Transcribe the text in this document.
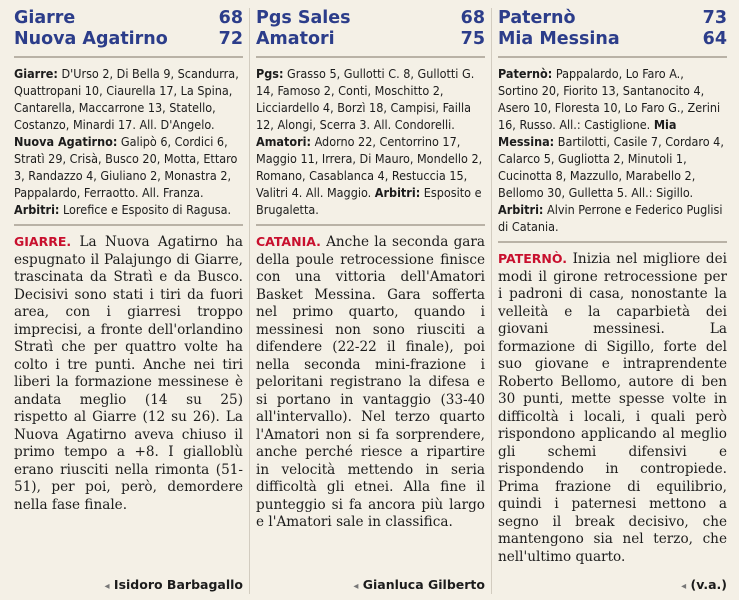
Giarre	68
Nuova Agatirno	72
Giarre: D'Urso 2, Di Bella 9, Scandurra, Quattropani 10, Ciaurella 17, La Spina, Cantarella, Maccarrone 13, Statello, Costanzo, Minardi 17. All. D'Angelo. Nuova Agatirno: Galipò 6, Cordici 6, Stratì 29, Crisà, Busco 20, Motta, Ettaro 3, Randazzo 4, Giuliano 2, Monastra 2, Pappalardo, Ferraotto. All. Franza. Arbitri: Lorefice e Esposito di Ragusa.
GIARRE. La Nuova Agatirno ha espugnato il Palajungo di Giarre, trascinata da Stratì e da Busco. Decisivi sono stati i tiri da fuori area, con i giarresi troppo imprecisi, a fronte dell'orlandino Stratì che per quattro volte ha colto i tre punti. Anche nei tiri liberi la formazione messinese è andata meglio (14 su 25) rispetto al Giarre (12 su 26). La Nuova Agatirno aveva chiuso il primo tempo a +8. I gialloblù erano riusciti nella rimonta (51-51), per poi, però, demordere nella fase finale.
◂ Isidoro Barbagallo
Pgs Sales	68
Amatori	75
Pgs: Grasso 5, Gullotti C. 8, Gullotti G. 14, Famoso 2, Conti, Moschitto 2, Licciardello 4, Borzì 18, Campisi, Failla 12, Alongi, Scerra 3. All. Condorelli. Amatori: Adorno 22, Centorrino 17, Maggio 11, Irrera, Di Mauro, Mondello 2, Romano, Casablanca 4, Restuccia 15, Valitri 4. All. Maggio. Arbitri: Esposito e Brugaletta.
CATANIA. Anche la seconda gara della poule retrocessione finisce con una vittoria dell'Amatori Basket Messina. Gara sofferta nel primo quarto, quando i messinesi non sono riusciti a difendere (22-22 il finale), poi nella seconda mini-frazione i peloritani registrano la difesa e si portano in vantaggio (33-40 all'intervallo). Nel terzo quarto l'Amatori non si fa sorprendere, anche perché riesce a ripartire in velocità mettendo in seria difficoltà gli etnei. Alla fine il punteggio si fa ancora più largo e l'Amatori sale in classifica.
◂ Gianluca Gilberto
Paternò	73
Mia Messina	64
Paternò: Pappalardo, Lo Faro A., Sortino 20, Fiorito 13, Santanocito 4, Asero 10, Floresta 10, Lo Faro G., Zerini 16, Russo. All.: Castiglione. Mia Messina: Bartilotti, Casile 7, Cordaro 4, Calarco 5, Gugliotta 2, Minutoli 1, Cucinotta 8, Mazzullo, Marabello 2, Bellomo 30, Gulletta 5. All.: Sigillo. Arbitri: Alvin Perrone e Federico Puglisi di Catania.
PATERNÒ. Inizia nel migliore dei modi il girone retrocessione per i padroni di casa, nonostante la velleità e la caparbietà dei giovani messinesi. La formazione di Sigillo, forte del suo giovane e intraprendente Roberto Bellomo, autore di ben 30 punti, mette spesse volte in difficoltà i locali, i quali però rispondono applicando al meglio gli schemi difensivi e rispondendo in contropiede. Prima frazione di equilibrio, quindi i paternesi mettono a segno il break decisivo, che mantengono sia nel terzo, che nell'ultimo quarto.
◂ (v.a.)
